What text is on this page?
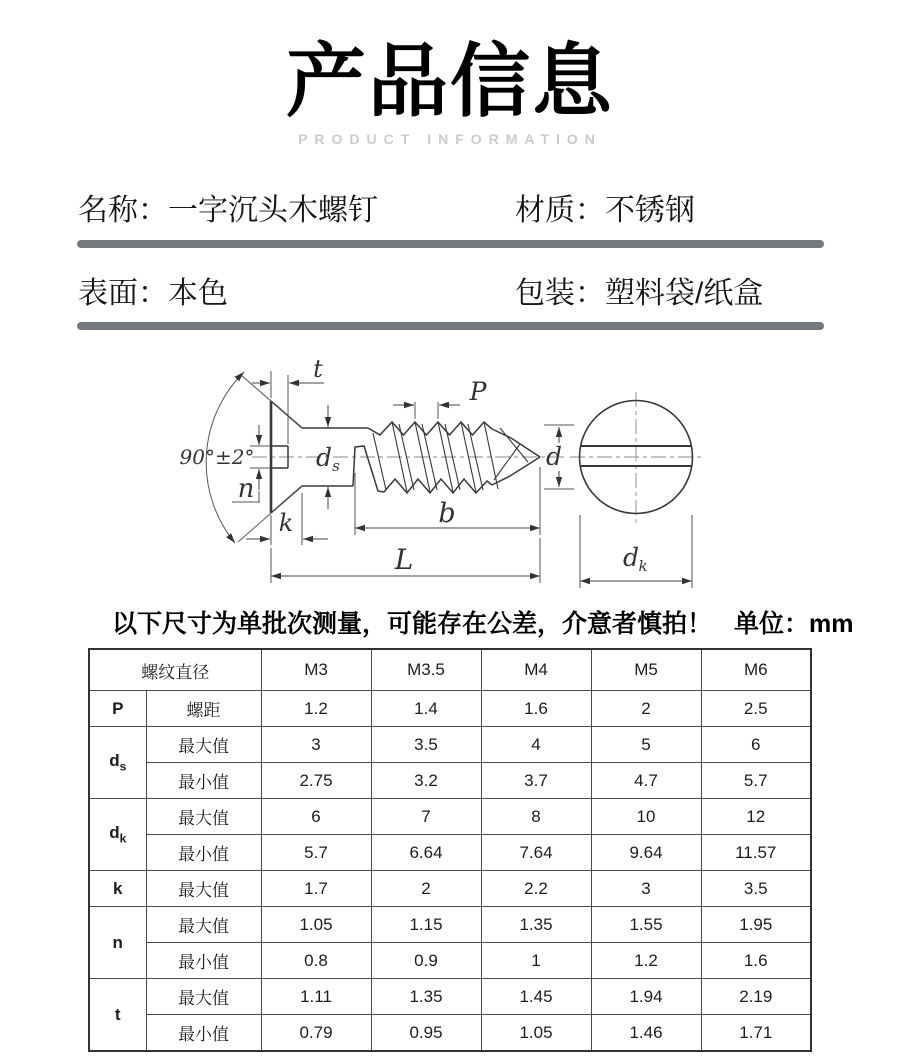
产品信息
PRODUCT INFORMATION
名称：一字沉头木螺钉	材质：不锈钢
表面：本色	包装：塑料袋/纸盒
90°±2°
t
n
k
d s
P
d
b
L	d k
以下尺寸为单批次测量，可能存在公差，介意者慎拍！ 单位：mm
螺纹直径		M3	M3.5	M4	M5	M6
P	螺距	1.2	1.4	1.6	2	2.5
$d_s$	最大值	3	3.5	4	5	6
	最小值	2.75	3.2	3.7	4.7	5.7
$d_k$	最大值	6	7	8	10	12
	最小值	5.7	6.64	7.64	9.64	11.57
k	最大值	1.7	2	2.2	3	3.5
n	最大值	1.05	1.15	1.35	1.55	1.95
	最小值	0.8	0.9	1	1.2	1.6
t	最大值	1.11	1.35	1.45	1.94	2.19
	最小值	0.79	0.95	1.05	1.46	1.71
